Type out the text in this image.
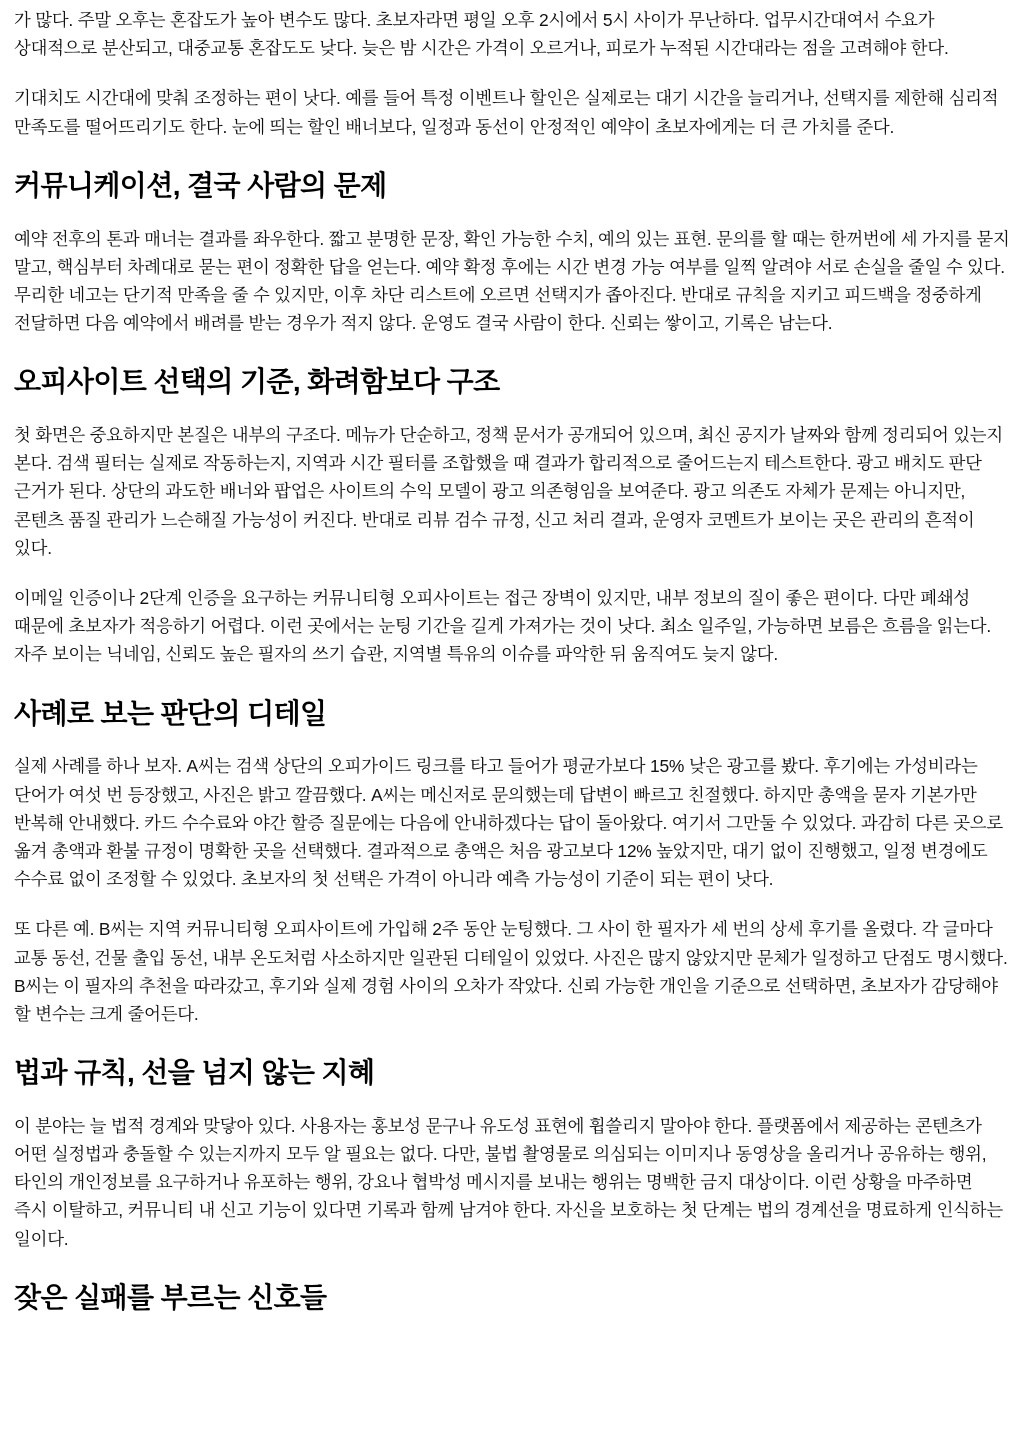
가 많다. 주말 오후는 혼잡도가 높아 변수도 많다. 초보자라면 평일 오후 2시에서 5시 사이가 무난하다. 업무시간대여서 수요가 상대적으로 분산되고, 대중교통 혼잡도도 낮다. 늦은 밤 시간은 가격이 오르거나, 피로가 누적된 시간대라는 점을 고려해야 한다.

기대치도 시간대에 맞춰 조정하는 편이 낫다. 예를 들어 특정 이벤트나 할인은 실제로는 대기 시간을 늘리거나, 선택지를 제한해 심리적 만족도를 떨어뜨리기도 한다. 눈에 띄는 할인 배너보다, 일정과 동선이 안정적인 예약이 초보자에게는 더 큰 가치를 준다.

커뮤니케이션, 결국 사람의 문제

예약 전후의 톤과 매너는 결과를 좌우한다. 짧고 분명한 문장, 확인 가능한 수치, 예의 있는 표현. 문의를 할 때는 한꺼번에 세 가지를 묻지 말고, 핵심부터 차례대로 묻는 편이 정확한 답을 얻는다. 예약 확정 후에는 시간 변경 가능 여부를 일찍 알려야 서로 손실을 줄일 수 있다. 무리한 네고는 단기적 만족을 줄 수 있지만, 이후 차단 리스트에 오르면 선택지가 좁아진다. 반대로 규칙을 지키고 피드백을 정중하게 전달하면 다음 예약에서 배려를 받는 경우가 적지 않다. 운영도 결국 사람이 한다. 신뢰는 쌓이고, 기록은 남는다.

오피사이트 선택의 기준, 화려함보다 구조

첫 화면은 중요하지만 본질은 내부의 구조다. 메뉴가 단순하고, 정책 문서가 공개되어 있으며, 최신 공지가 날짜와 함께 정리되어 있는지 본다. 검색 필터는 실제로 작동하는지, 지역과 시간 필터를 조합했을 때 결과가 합리적으로 줄어드는지 테스트한다. 광고 배치도 판단 근거가 된다. 상단의 과도한 배너와 팝업은 사이트의 수익 모델이 광고 의존형임을 보여준다. 광고 의존도 자체가 문제는 아니지만, 콘텐츠 품질 관리가 느슨해질 가능성이 커진다. 반대로 리뷰 검수 규정, 신고 처리 결과, 운영자 코멘트가 보이는 곳은 관리의 흔적이 있다.

이메일 인증이나 2단계 인증을 요구하는 커뮤니티형 오피사이트는 접근 장벽이 있지만, 내부 정보의 질이 좋은 편이다. 다만 폐쇄성 때문에 초보자가 적응하기 어렵다. 이런 곳에서는 눈팅 기간을 길게 가져가는 것이 낫다. 최소 일주일, 가능하면 보름은 흐름을 읽는다. 자주 보이는 닉네임, 신뢰도 높은 필자의 쓰기 습관, 지역별 특유의 이슈를 파악한 뒤 움직여도 늦지 않다.

사례로 보는 판단의 디테일

실제 사례를 하나 보자. A씨는 검색 상단의 오피가이드 링크를 타고 들어가 평균가보다 15% 낮은 광고를 봤다. 후기에는 가성비라는 단어가 여섯 번 등장했고, 사진은 밝고 깔끔했다. A씨는 메신저로 문의했는데 답변이 빠르고 친절했다. 하지만 총액을 묻자 기본가만 반복해 안내했다. 카드 수수료와 야간 할증 질문에는 다음에 안내하겠다는 답이 돌아왔다. 여기서 그만둘 수 있었다. 과감히 다른 곳으로 옮겨 총액과 환불 규정이 명확한 곳을 선택했다. 결과적으로 총액은 처음 광고보다 12% 높았지만, 대기 없이 진행했고, 일정 변경에도 수수료 없이 조정할 수 있었다. 초보자의 첫 선택은 가격이 아니라 예측 가능성이 기준이 되는 편이 낫다.

또 다른 예. B씨는 지역 커뮤니티형 오피사이트에 가입해 2주 동안 눈팅했다. 그 사이 한 필자가 세 번의 상세 후기를 올렸다. 각 글마다 교통 동선, 건물 출입 동선, 내부 온도처럼 사소하지만 일관된 디테일이 있었다. 사진은 많지 않았지만 문체가 일정하고 단점도 명시했다. B씨는 이 필자의 추천을 따라갔고, 후기와 실제 경험 사이의 오차가 작았다. 신뢰 가능한 개인을 기준으로 선택하면, 초보자가 감당해야 할 변수는 크게 줄어든다.

법과 규칙, 선을 넘지 않는 지혜

이 분야는 늘 법적 경계와 맞닿아 있다. 사용자는 홍보성 문구나 유도성 표현에 휩쓸리지 말아야 한다. 플랫폼에서 제공하는 콘텐츠가 어떤 실정법과 충돌할 수 있는지까지 모두 알 필요는 없다. 다만, 불법 촬영물로 의심되는 이미지나 동영상을 올리거나 공유하는 행위, 타인의 개인정보를 요구하거나 유포하는 행위, 강요나 협박성 메시지를 보내는 행위는 명백한 금지 대상이다. 이런 상황을 마주하면 즉시 이탈하고, 커뮤니티 내 신고 기능이 있다면 기록과 함께 남겨야 한다. 자신을 보호하는 첫 단계는 법의 경계선을 명료하게 인식하는 일이다.

잦은 실패를 부르는 신호들
